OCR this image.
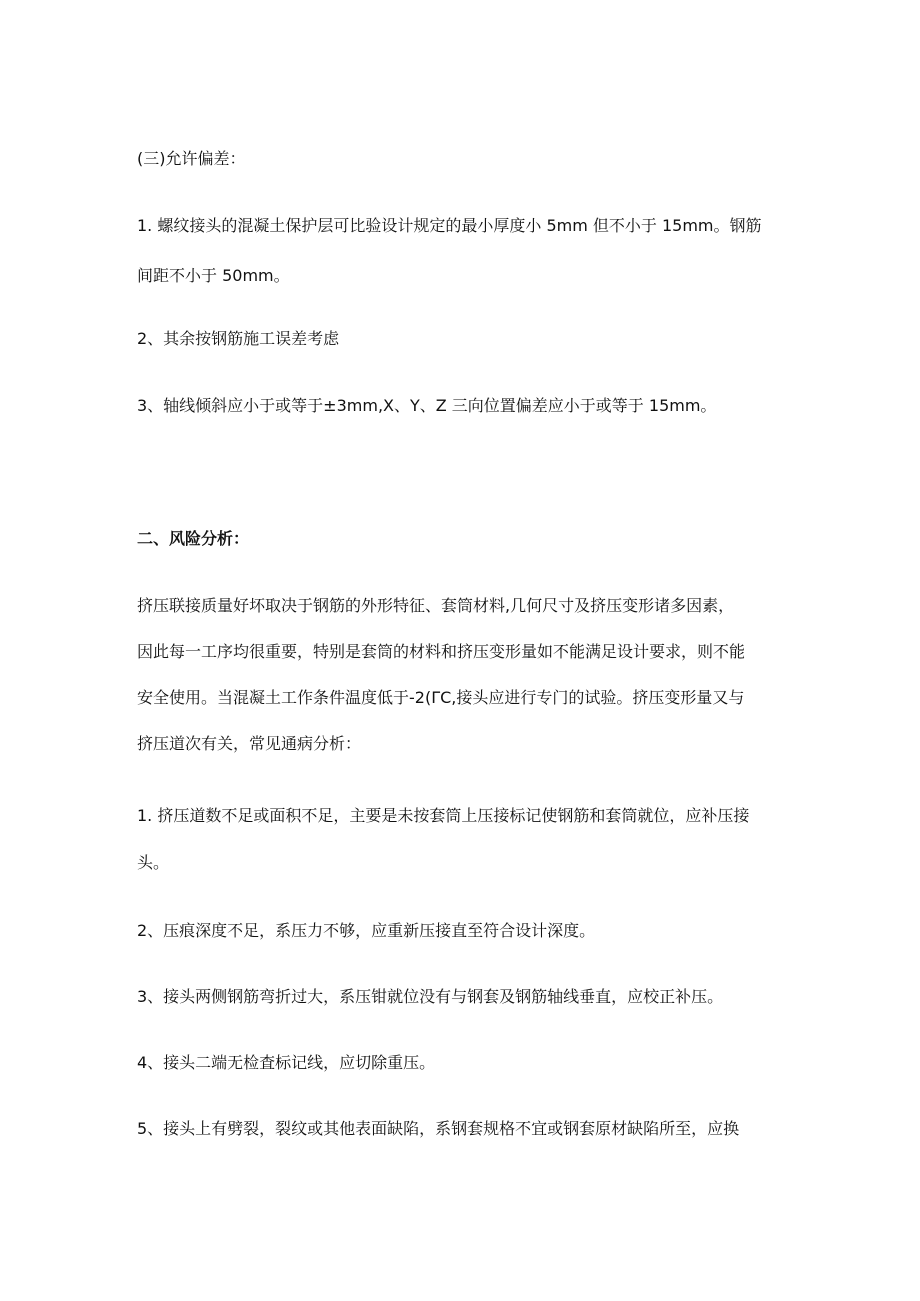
(三)允许偏差：

1. 螺纹接头的混凝土保护层可比验设计规定的最小厚度小 5mm 但不小于 15mm。钢筋

间距不小于 50mm。

2、其余按钢筋施工误差考虑

3、轴线倾斜应小于或等于±3mm,X、Y、Z 三向位置偏差应小于或等于 15mm。

二、风险分析：

挤压联接质量好坏取决于钢筋的外形特征、套筒材料,几何尺寸及挤压变形诸多因素，

因此每一工序均很重要，特别是套筒的材料和挤压变形量如不能满足设计要求，则不能

安全使用。当混凝土工作条件温度低于-2(ΓC,接头应进行专门的试验。挤压变形量又与

挤压道次有关，常见通病分析：

1. 挤压道数不足或面积不足，主要是未按套筒上压接标记使钢筋和套筒就位，应补压接

头。

2、压痕深度不足，系压力不够，应重新压接直至符合设计深度。

3、接头两侧钢筋弯折过大，系压钳就位没有与钢套及钢筋轴线垂直，应校正补压。

4、接头二端无检査标记线，应切除重压。

5、接头上有劈裂，裂纹或其他表面缺陷，系钢套规格不宜或钢套原材缺陷所至，应换
